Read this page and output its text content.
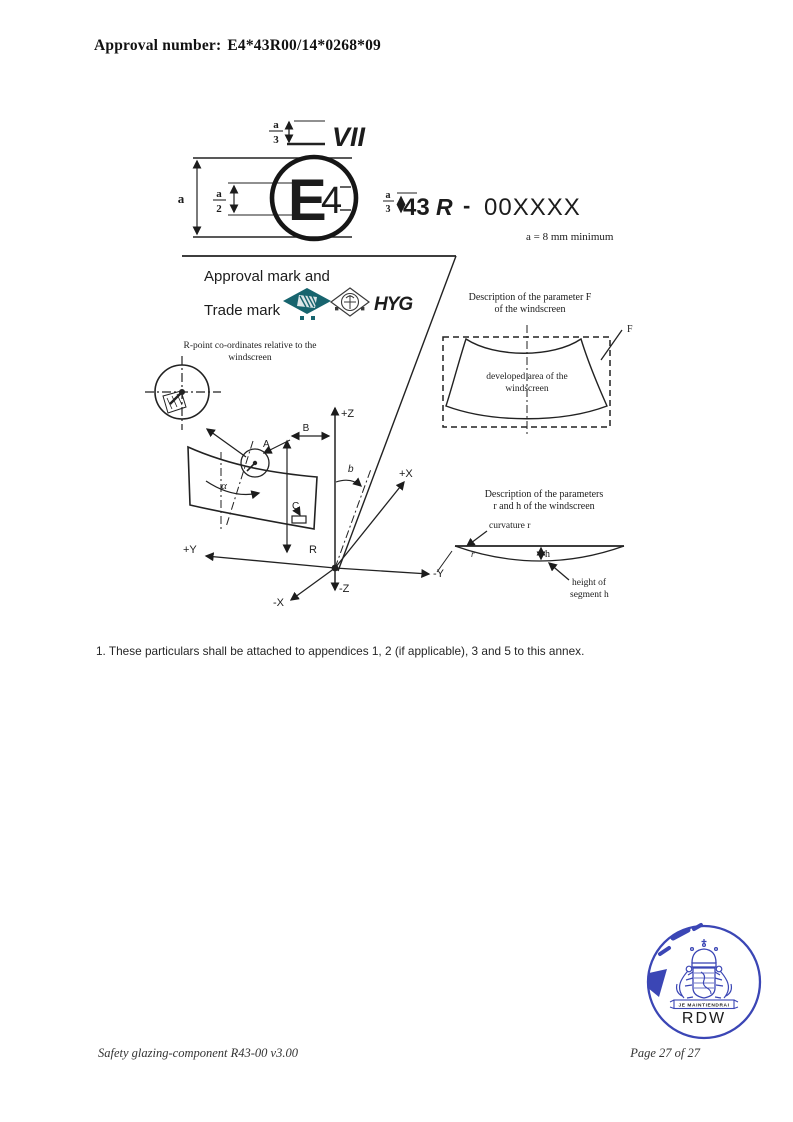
Approval number: E4*43R00/14*0268*09
a
3 VII
a	a
2 E
4	a
3 43 R - 00XXXX
a = 8 mm minimum
Approval mark and
Trade mark	HYG
R-point co-ordinates relative to the
windscreen
α
+Z
-Z
+Y
-Y
+X
-X
R
b
B
A
C
Description of the parameter F
of the windscreen
developed area of the
windscreen
F
Description of the parameters
r and h of the windscreen
curvature r
r	h
height of
segment h
1. These particulars shall be attached to appendices 1, 2 (if applicable), 3 and 5 to this annex.
JE MAINTIENDRAI
RDW
Safety glazing-component R43-00 v3.00	Page 27 of 27
